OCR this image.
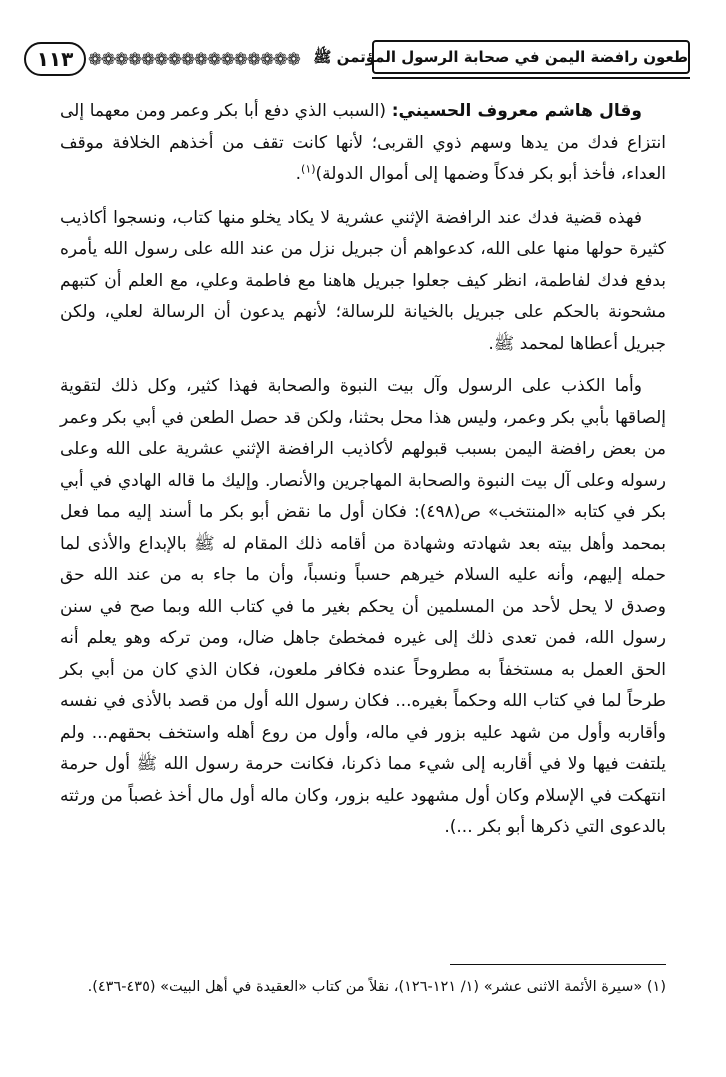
١١٣ ❁❁❁❁❁❁❁❁❁❁❁❁❁❁❁❁ طعون رافضة اليمن في صحابة الرسول المؤتمن ﷺ

وقال هاشم معروف الحسيني: (السبب الذي دفع أبا بكر وعمر ومن معهما إلى انتزاع فدك من يدها وسهم ذوي القربى؛ لأنها كانت تقف من أخذهم الخلافة موقف العداء، فأخذ أبو بكر فدكاً وضمها إلى أموال الدولة)$^{(١)}$.

فهذه قضية فدك عند الرافضة الإثني عشرية لا يكاد يخلو منها كتاب، ونسجوا أكاذيب كثيرة حولها منها على الله، كدعواهم أن جبريل نزل من عند الله على رسول الله يأمره بدفع فدك لفاطمة، انظر كيف جعلوا جبريل هاهنا مع فاطمة وعلي، مع العلم أن كتبهم مشحونة بالحكم على جبريل بالخيانة للرسالة؛ لأنهم يدعون أن الرسالة لعلي، ولكن جبريل أعطاها لمحمد ﷺ.

وأما الكذب على الرسول وآل بيت النبوة والصحابة فهذا كثير، وكل ذلك لتقوية إلصاقها بأبي بكر وعمر، وليس هذا محل بحثنا، ولكن قد حصل الطعن في أبي بكر وعمر من بعض رافضة اليمن بسبب قبولهم لأكاذيب الرافضة الإثني عشرية على الله وعلى رسوله وعلى آل بيت النبوة والصحابة المهاجرين والأنصار. وإليك ما قاله الهادي في أبي بكر في كتابه «المنتخب» ص(٤٩٨): فكان أول ما نقض أبو بكر ما أسند إليه مما فعل بمحمد وأهل بيته بعد شهادته وشهادة من أقامه ذلك المقام له ﷺ بالإبداع والأذى لما حمله إليهم، وأنه عليه السلام خيرهم حسباً ونسباً، وأن ما جاء به من عند الله حق وصدق لا يحل لأحد من المسلمين أن يحكم بغير ما في كتاب الله وبما صح في سنن رسول الله، فمن تعدى ذلك إلى غيره فمخطئ جاهل ضال، ومن تركه وهو يعلم أنه الحق العمل به مستخفاً به مطروحاً عنده فكافر ملعون، فكان الذي كان من أبي بكر طرحاً لما في كتاب الله وحكماً بغيره... فكان رسول الله أول من قصد بالأذى في نفسه وأقاربه وأول من شهد عليه بزور في ماله، وأول من روع أهله واستخف بحقهم... ولم يلتفت فيها ولا في أقاربه إلى شيء مما ذكرنا، فكانت حرمة رسول الله ﷺ أول حرمة انتهكت في الإسلام وكان أول مشهود عليه بزور، وكان ماله أول مال أخذ غصباً من ورثته بالدعوى التي ذكرها أبو بكر ...).

(١) «سيرة الأئمة الاثنى عشر» (١/ ١٢١-١٢٦)، نقلاً من كتاب «العقيدة في أهل البيت» (٤٣٥-٤٣٦).
